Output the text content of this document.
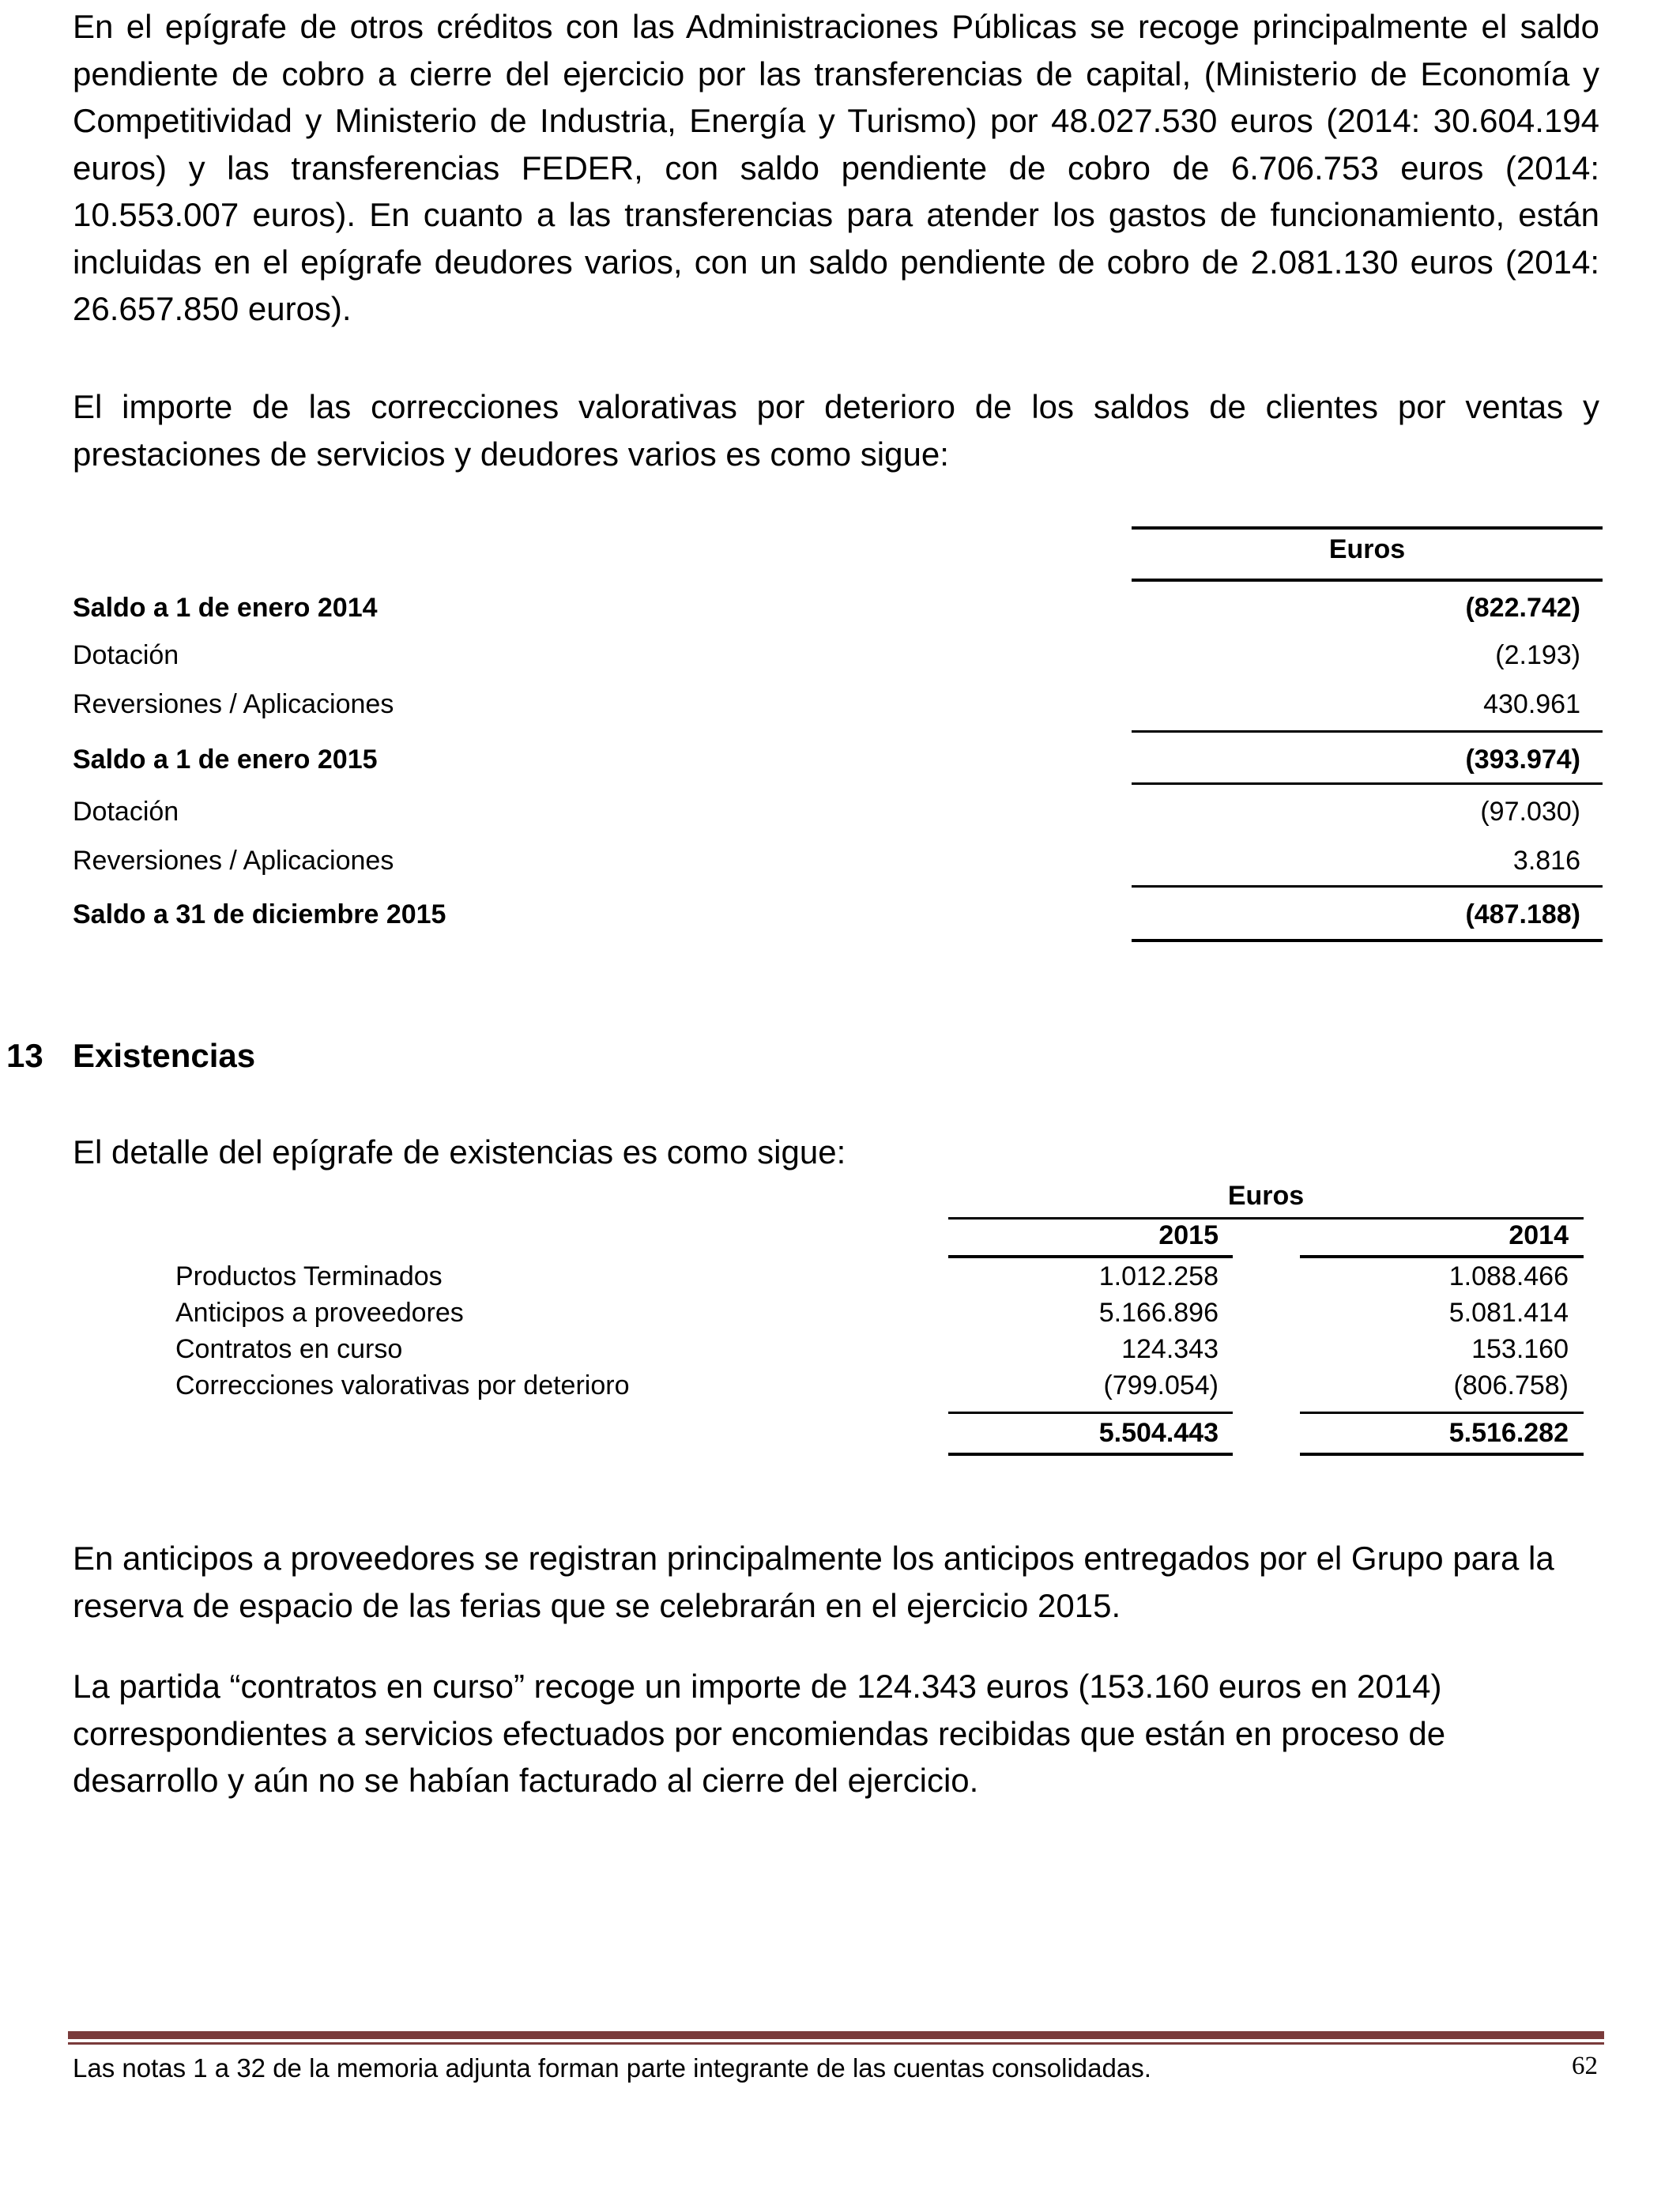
En el epígrafe de otros créditos con las Administraciones Públicas se recoge principalmente el saldo pendiente de cobro a cierre del ejercicio por las transferencias de capital, (Ministerio de Economía y Competitividad y Ministerio de Industria, Energía y Turismo) por 48.027.530 euros (2014: 30.604.194 euros) y las transferencias FEDER, con saldo pendiente de cobro de 6.706.753 euros (2014: 10.553.007 euros). En cuanto a las transferencias para atender los gastos de funcionamiento, están incluidas en el epígrafe deudores varios, con un saldo pendiente de cobro de 2.081.130 euros (2014: 26.657.850 euros).

El importe de las correcciones valorativas por deterioro de los saldos de clientes por ventas y prestaciones de servicios y deudores varios es como sigue:

Euros
Saldo a 1 de enero 2014	(822.742)
Dotación	(2.193)
Reversiones / Aplicaciones	430.961
Saldo a 1 de enero 2015	(393.974)
Dotación	(97.030)
Reversiones / Aplicaciones	3.816
Saldo a 31 de diciembre 2015	(487.188)
13 Existencias

El detalle del epígrafe de existencias es como sigue:

Euros
2015	2014
Productos Terminados	1.012.258	1.088.466
Anticipos a proveedores	5.166.896	5.081.414
Contratos en curso	124.343	153.160
Correcciones valorativas por deterioro	(799.054)	(806.758)
5.504.443	5.516.282

En anticipos a proveedores se registran principalmente los anticipos entregados por el Grupo para la reserva de espacio de las ferias que se celebrarán en el ejercicio 2015.

La partida “contratos en curso” recoge un importe de 124.343 euros (153.160 euros en 2014) correspondientes a servicios efectuados por encomiendas recibidas que están en proceso de desarrollo y aún no se habían facturado al cierre del ejercicio.

Las notas 1 a 32 de la memoria adjunta forman parte integrante de las cuentas consolidadas.	62
